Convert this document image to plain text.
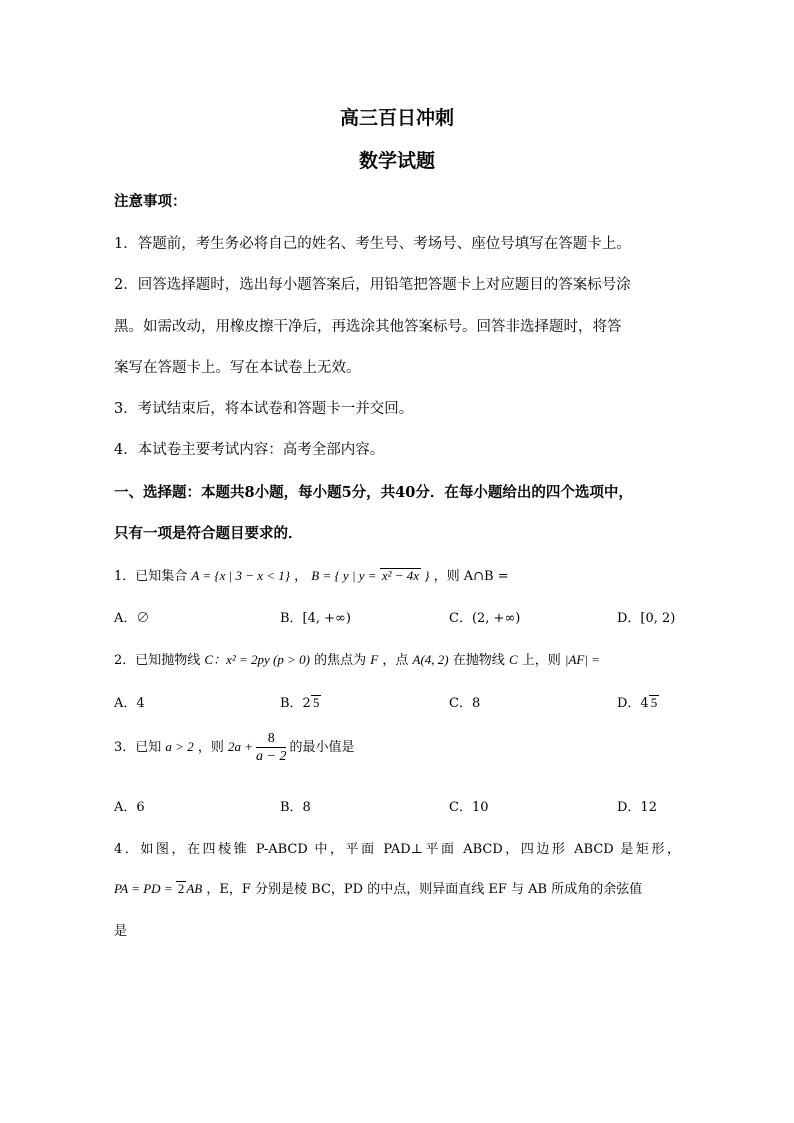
高三百日冲刺
数学试题
注意事项：
1．答题前，考生务必将自己的姓名、考生号、考场号、座位号填写在答题卡上。
2．回答选择题时，选出每小题答案后，用铅笔把答题卡上对应题目的答案标号涂
黑。如需改动，用橡皮擦干净后，再选涂其他答案标号。回答非选择题时，将答
案写在答题卡上。写在本试卷上无效。
3．考试结束后，将本试卷和答题卡一并交回。
4．本试卷主要考试内容：高考全部内容。
一、选择题：本题共8小题，每小题5分，共40分．在每小题给出的四个选项中，
只有一项是符合题目要求的．
1．已知集合 A = {x | 3 − x < 1} ， B = { y | y = x² − 4x } ，则 A∩B =
A．∅	B．[4, +∞)	C．(2, +∞)	D．[0, 2)
2．已知抛物线 C：x² = 2py (p > 0) 的焦点为 F ，点 A(4, 2) 在抛物线 C 上，则 |AF| =
A．4	B．2 5	C．8	D．4 5
3．已知 a > 2 ，则 $2a + \frac{8}{a - 2}$ 的最小值是
A．6	B．8	C．10	D．12
4．如图，在四棱锥 P-ABCD 中，平面 PAD⊥平面 ABCD，四边形 ABCD 是矩形，
PA = PD = 2 AB ，E，F 分别是棱 BC，PD 的中点，则异面直线 EF 与 AB 所成角的余弦值
是
